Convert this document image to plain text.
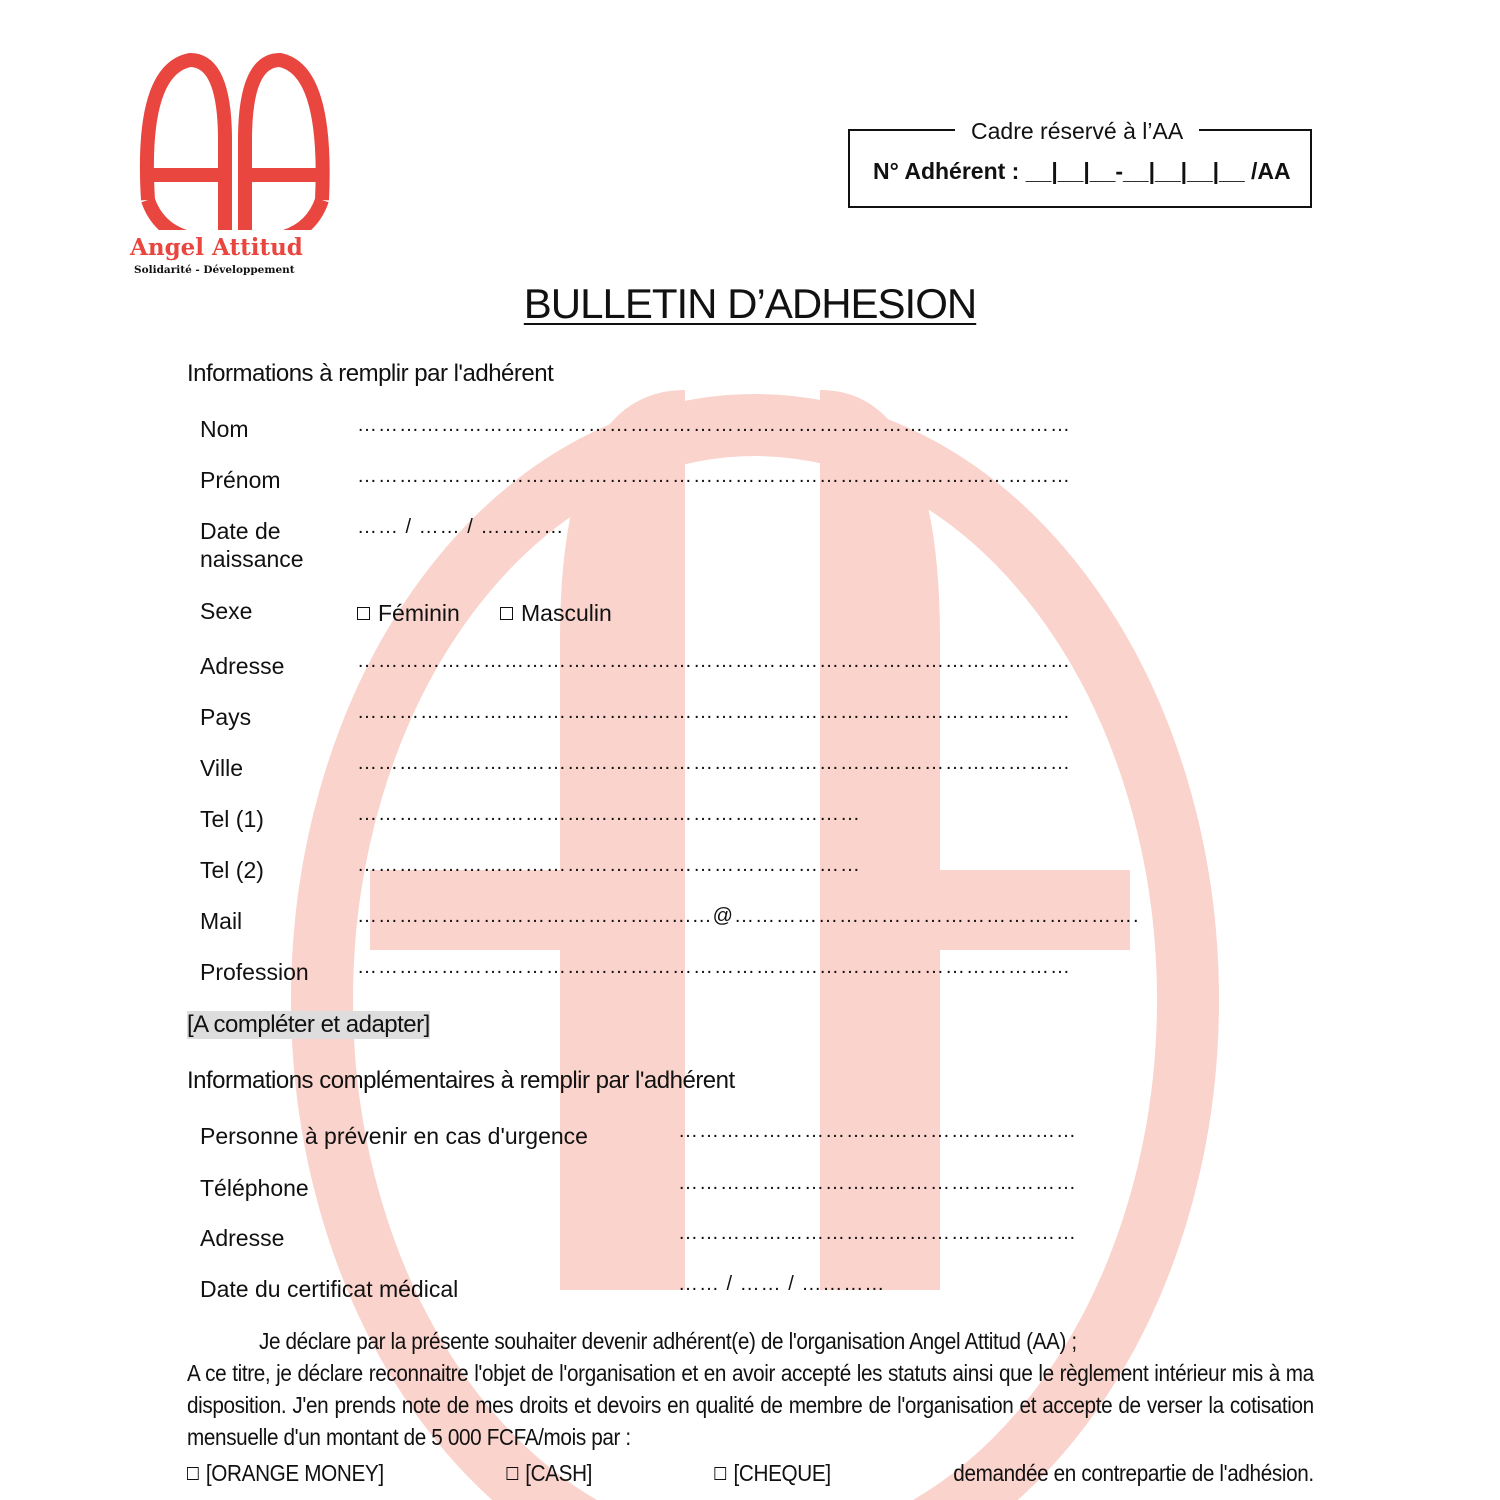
Angel Attitud
Solidarité - Développement
Cadre réservé à l’AA
N° Adhérent : __|__|__-__|__|__|__ /AA
BULLETIN D’ADHESION
Informations à remplir par l'adhérent
Nom	…………………………………………………………………………………………
Prénom	…………………………………………………………………………………………
Date de naissance
…… / …… / …………
Sexe	Féminin	Masculin
Adresse	…………………………………………………………………………………………
Pays	…………………………………………………………………………………………
Ville	…………………………………………………………………………………………
Tel (1)	………………………………………………………………
Tel (2)	………………………………………………………………
Mail	………………………………………...…@………………………………………………….
Profession …………………………………………………………………………………………
[A compléter et adapter]
Informations complémentaires à remplir par l'adhérent
Personne à prévenir en cas d'urgence	…………………………………………………
Téléphone	…………………………………………………
Adresse	…………………………………………………
Date du certificat médical	…… / …… / …………
Je déclare par la présente souhaiter devenir adhérent(e) de l'organisation Angel Attitud (AA) ;
A ce titre, je déclare reconnaitre l'objet de l'organisation et en avoir accepté les statuts ainsi que le règlement intérieur mis à ma disposition. J'en prends note de mes droits et devoirs en qualité de membre de l'organisation et accepte de verser la cotisation mensuelle d'un montant de 5 000 FCFA/mois par :
[ORANGE MONEY]	[CASH]	[CHEQUE]	demandée en contrepartie de l'adhésion.
